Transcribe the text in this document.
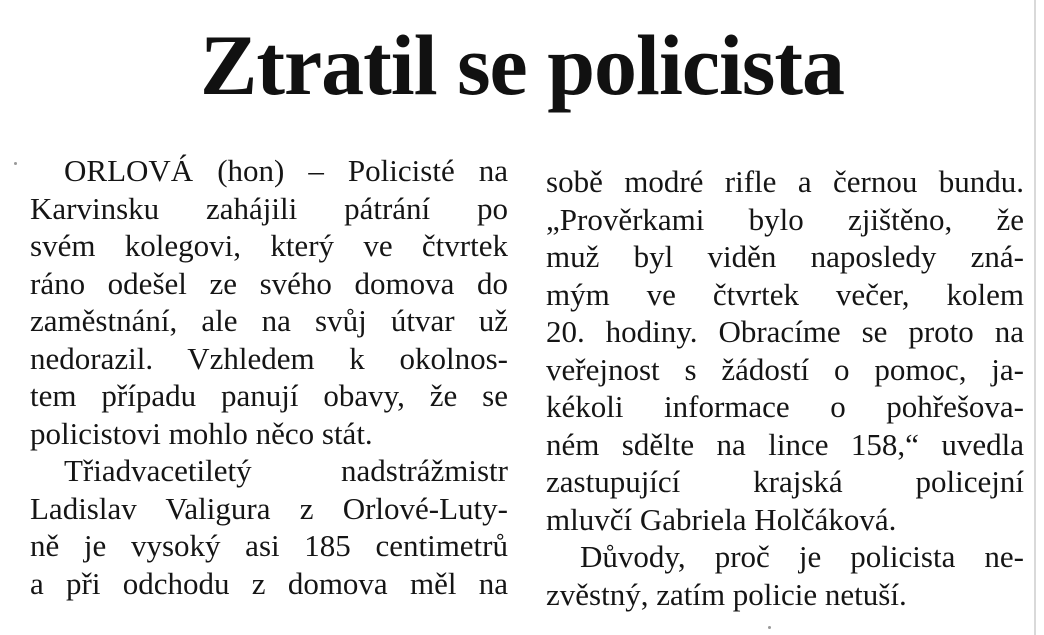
Ztratil se policista
ORLOVÁ (hon) – Policisté na
Karvinsku zahájili pátrání po
svém kolegovi, který ve čtvrtek
ráno odešel ze svého domova do
zaměstnání, ale na svůj útvar už
nedorazil. Vzhledem k okolnos-
tem případu panují obavy, že se
policistovi mohlo něco stát.
Třiadvacetiletý nadstrážmistr
Ladislav Valigura z Orlové-Luty-
ně je vysoký asi 185 centimetrů
a při odchodu z domova měl na
sobě modré rifle a černou bundu.
„Prověrkami bylo zjištěno, že
muž byl viděn naposledy zná-
mým ve čtvrtek večer, kolem
20. hodiny. Obracíme se proto na
veřejnost s žádostí o pomoc, ja-
kékoli informace o pohřešova-
ném sdělte na lince 158,“ uvedla
zastupující krajská policejní
mluvčí Gabriela Holčáková.
Důvody, proč je policista ne-
zvěstný, zatím policie netuší.
